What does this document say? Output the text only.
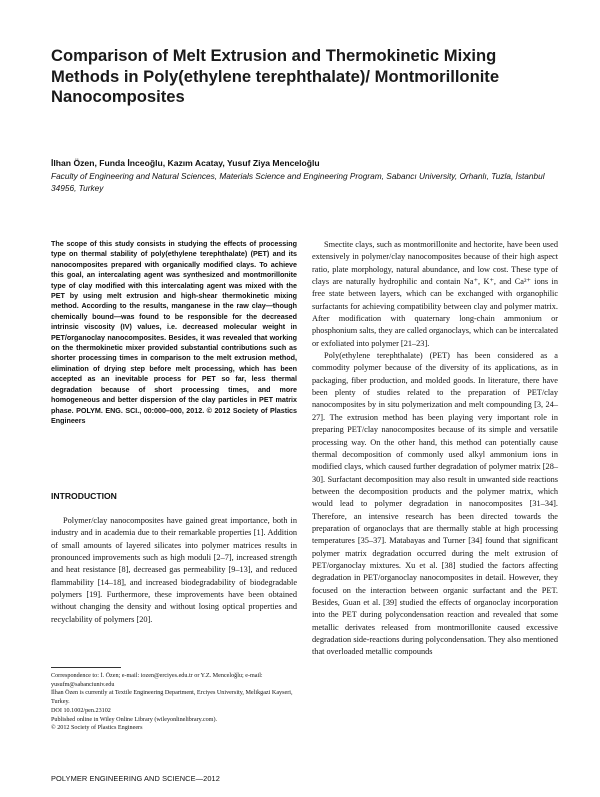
Comparison of Melt Extrusion and Thermokinetic Mixing Methods in Poly(ethylene terephthalate)/ Montmorillonite Nanocomposites
İlhan Özen, Funda İnceoğlu, Kazım Acatay, Yusuf Ziya Menceloğlu
Faculty of Engineering and Natural Sciences, Materials Science and Engineering Program, Sabancı University, Orhanlı, Tuzla, İstanbul 34956, Turkey
The scope of this study consists in studying the effects of processing type on thermal stability of poly(ethylene terephthalate) (PET) and its nanocomposites prepared with organically modified clays. To achieve this goal, an intercalating agent was synthesized and montmorillonite type of clay modified with this intercalating agent was mixed with the PET by using melt extrusion and high-shear thermokinetic mixing method. According to the results, manganese in the raw clay—though chemically bound—was found to be responsible for the decreased intrinsic viscosity (IV) values, i.e. decreased molecular weight in PET/organoclay nanocomposites. Besides, it was revealed that working on the thermokinetic mixer provided substantial contributions such as shorter processing times in comparison to the melt extrusion method, elimination of drying step before melt processing, which has been accepted as an inevitable process for PET so far, less thermal degradation because of short processing times, and more homogeneous and better dispersion of the clay particles in PET matrix phase. POLYM. ENG. SCI., 00:000–000, 2012. © 2012 Society of Plastics Engineers
INTRODUCTION

Polymer/clay nanocomposites have gained great importance, both in industry and in academia due to their remarkable properties [1]. Addition of small amounts of layered silicates into polymer matrices results in pronounced improvements such as high moduli [2–7], increased strength and heat resistance [8], decreased gas permeability [9–13], and reduced flammability [14–18], and increased biodegradability of biodegradable polymers [19]. Furthermore, these improvements have been obtained without changing the density and without losing optical properties and recyclability of polymers [20].

Correspondence to: İ. Özen; e-mail: iozen@erciyes.edu.tr or Y.Z. Menceloğlu; e-mail: yusufm@sabanciuniv.edu
İlhan Özen is currently at Textile Engineering Department, Erciyes University, Melikgazi Kayseri, Turkey.
DOI 10.1002/pen.23102
Published online in Wiley Online Library (wileyonlinelibrary.com).
© 2012 Society of Plastics Engineers

Smectite clays, such as montmorillonite and hectorite, have been used extensively in polymer/clay nanocomposites because of their high aspect ratio, plate morphology, natural abundance, and low cost. These type of clays are naturally hydrophilic and contain Na⁺, K⁺, and Ca²⁺ ions in free state between layers, which can be exchanged with organophilic surfactants for achieving compatibility between clay and polymer matrix. After modification with quaternary long-chain ammonium or phosphonium salts, they are called organoclays, which can be intercalated or exfoliated into polymer [21–23].

Poly(ethylene terephthalate) (PET) has been considered as a commodity polymer because of the diversity of its applications, as in packaging, fiber production, and molded goods. In literature, there have been plenty of studies related to the preparation of PET/clay nanocomposites by in situ polymerization and melt compounding [3, 24–27]. The extrusion method has been playing very important role in preparing PET/clay nanocomposites because of its simple and versatile processing way. On the other hand, this method can potentially cause thermal decomposition of commonly used alkyl ammonium ions in modified clays, which caused further degradation of polymer matrix [28–30]. Surfactant decomposition may also result in unwanted side reactions between the decomposition products and the polymer matrix, which would lead to polymer degradation in nanocomposites [31–34]. Therefore, an intensive research has been directed towards the preparation of organoclays that are thermally stable at high processing temperatures [35–37]. Matabayas and Turner [34] found that significant polymer matrix degradation occurred during the melt extrusion of PET/organoclay mixtures. Xu et al. [38] studied the factors affecting degradation in PET/organoclay nanocomposites in detail. However, they focused on the interaction between organic surfactant and the PET. Besides, Guan et al. [39] studied the effects of organoclay incorporation into the PET during polycondensation reaction and revealed that some metallic derivates released from montmorillonite caused excessive degradation side-reactions during polycondensation. They also mentioned that overloaded metallic compounds

POLYMER ENGINEERING AND SCIENCE—2012
